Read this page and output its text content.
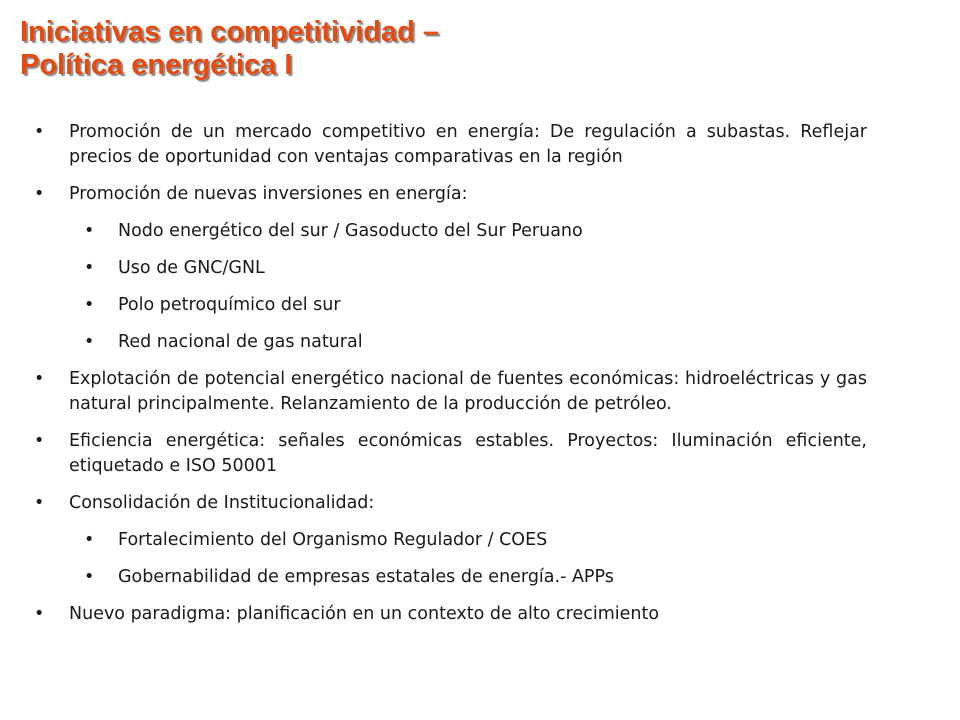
Iniciativas en competitividad –
Política energética I
• Promoción de un mercado competitivo en energía: De regulación a subastas. Reflejar precios de oportunidad con ventajas comparativas en la región
• Promoción de nuevas inversiones en energía:
• Nodo energético del sur / Gasoducto del Sur Peruano
• Uso de GNC/GNL
• Polo petroquímico del sur
• Red nacional de gas natural
• Explotación de potencial energético nacional de fuentes económicas: hidroeléctricas y gas natural principalmente. Relanzamiento de la producción de petróleo.
• Eficiencia energética: señales económicas estables. Proyectos: Iluminación eficiente, etiquetado e ISO 50001
• Consolidación de Institucionalidad:
• Fortalecimiento del Organismo Regulador / COES
• Gobernabilidad de empresas estatales de energía.- APPs
• Nuevo paradigma: planificación en un contexto de alto crecimiento
